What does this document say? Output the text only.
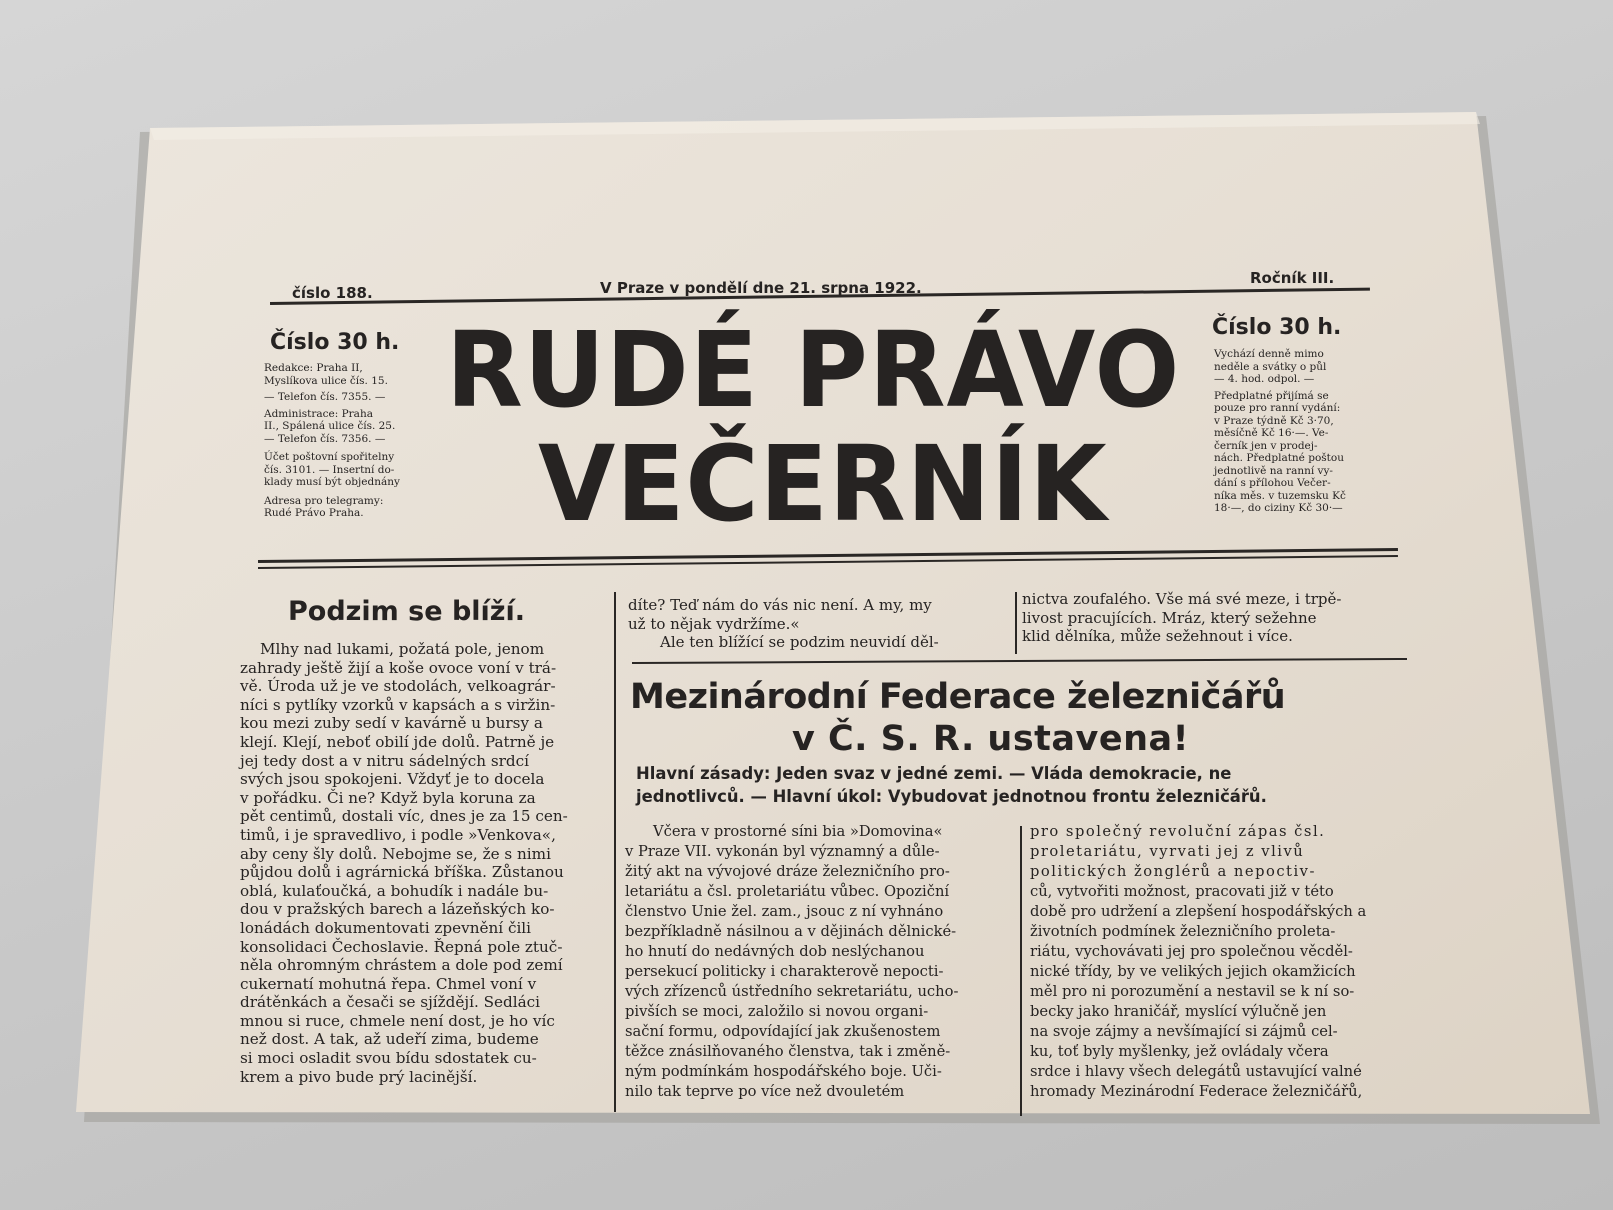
číslo 188.	V Praze v pondělí dne 21. srpna 1922.
Ročník III.
Číslo 30 h.
Redakce: Praha II,
Myslíkova ulice čís. 15.
— Telefon čís. 7355. —
Administrace: Praha
II., Spálená ulice čís. 25.
— Telefon čís. 7356. —
Účet poštovní spořitelny
čís. 3101. — Insertní do-
klady musí být objednány
Adresa pro telegramy:
Rudé Právo Praha.
RUDÉ PRÁVO
VEČERNÍK
Číslo 30 h.
Vychází denně mimo
neděle a svátky o půl
— 4. hod. odpol. —
Předplatné přijímá se
pouze pro ranní vydání:
v Praze týdně Kč 3·70,
měsíčně Kč 16·—. Ve-
černík jen v prodej-
nách. Předplatné poštou
jednotlivě na ranní vy-
dání s přílohou Večer-
níka měs. v tuzemsku Kč
18·—, do ciziny Kč 30·—
Podzim se blíží.
Mlhy nad lukami, požatá pole, jenom
zahrady ještě žijí a koše ovoce voní v trá-
vě. Úroda už je ve stodolách, velkoagrár-
níci s pytlíky vzorků v kapsách a s viržin-
kou mezi zuby sedí v kavárně u bursy a
klejí. Klejí, neboť obilí jde dolů. Patrně je
jej tedy dost a v nitru sádelných srdcí
svých jsou spokojeni. Vždyť je to docela
v pořádku. Či ne? Když byla koruna za
pět centimů, dostali víc, dnes je za 15 cen-
timů, i je spravedlivo, i podle »Venkova«,
aby ceny šly dolů. Nebojme se, že s nimi
půjdou dolů i agrárnická bříška. Zůstanou
oblá, kulaťoučká, a bohudík i nadále bu-
dou v pražských barech a lázeňských ko-
lonádách dokumentovati zpevnění čili
konsolidaci Čechoslavie. Řepná pole ztuč-
něla ohromným chrástem a dole pod zemí
cukernatí mohutná řepa. Chmel voní v
drátěnkách a česači se sjíždějí. Sedláci
mnou si ruce, chmele není dost, je ho víc
než dost. A tak, až udeří zima, budeme
si moci osladit svou bídu sdostatek cu-
krem a pivo bude prý lacinější.
díte? Teď nám do vás nic není. A my, my
už to nějak vydržíme.«
Ale ten blížící se podzim neuvidí děl-
nictva zoufalého. Vše má své meze, i trpě-
livost pracujících. Mráz, který sežehne
klid dělníka, může sežehnout i více.
Mezinárodní Federace železničářů
v Č. S. R. ustavena!
Hlavní zásady: Jeden svaz v jedné zemi. — Vláda demokracie, ne
jednotlivců. — Hlavní úkol: Vybudovat jednotnou frontu železničářů.
Včera v prostorné síni bia »Domovina«
v Praze VII. vykonán byl významný a důle-
žitý akt na vývojové dráze železničního pro-
letariátu a čsl. proletariátu vůbec. Opoziční
členstvo Unie žel. zam., jsouc z ní vyhnáno
bezpříkladně násilnou a v dějinách dělnické-
ho hnutí do nedávných dob neslýchanou
persekucí politicky i charakterově nepocti-
vých zřízenců ústředního sekretariátu, ucho-
pivších se moci, založilo si novou organi-
sační formu, odpovídající jak zkušenostem
těžce znásilňovaného členstva, tak i změně-
ným podmínkám hospodářského boje. Uči-
nilo tak teprve po více než dvouletém
pro společný revoluční zápas čsl.
proletariátu, vyrvati jej z vlivů
politických žonglérů a nepoctiv-
ců, vytvořiti možnost, pracovati již v této
době pro udržení a zlepšení hospodářských a
životních podmínek železničního proleta-
riátu, vychovávati jej pro společnou věcděl-
nické třídy, by ve velikých jejich okamžicích
měl pro ni porozumění a nestavil se k ní so-
becky jako hraničář, myslící výlučně jen
na svoje zájmy a nevšímající si zájmů cel-
ku, toť byly myšlenky, jež ovládaly včera
srdce i hlavy všech delegátů ustavující valné
hromady Mezinárodní Federace železničářů,
